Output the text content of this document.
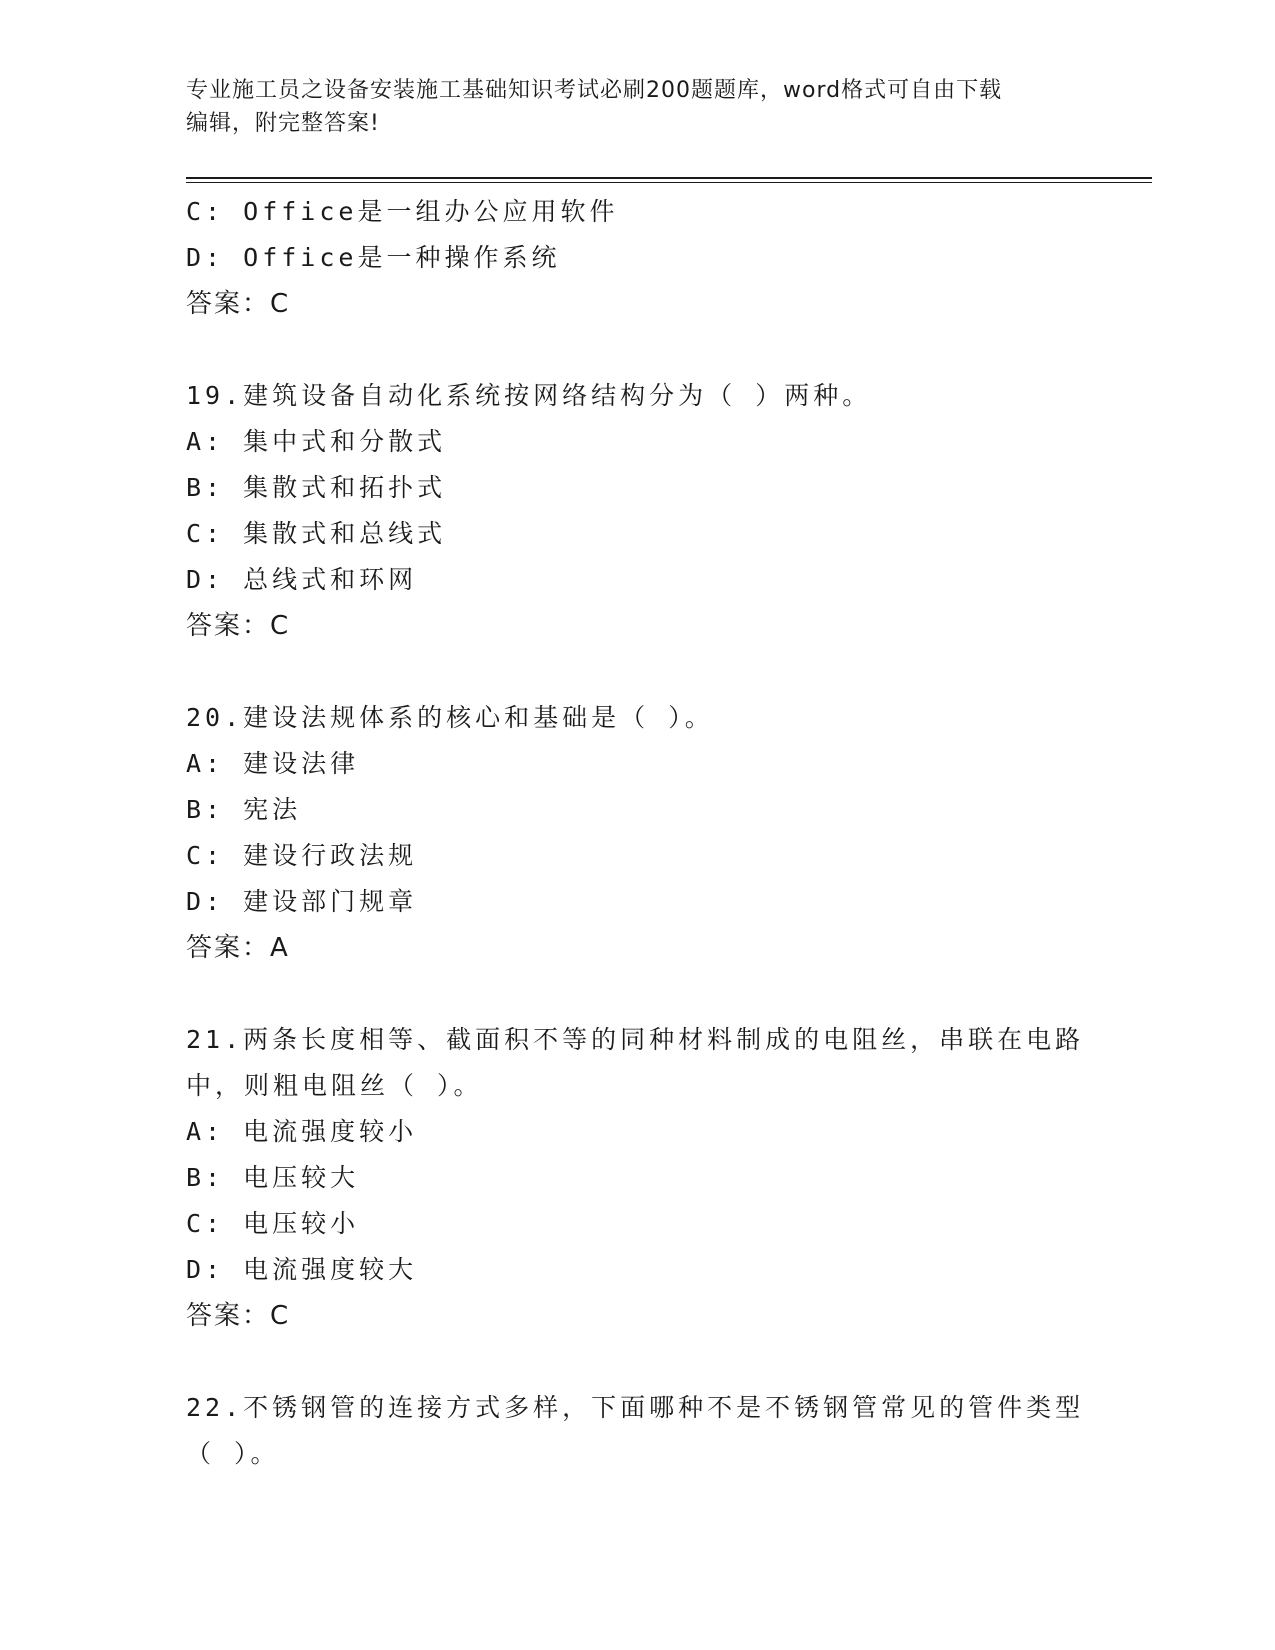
专业施工员之设备安装施工基础知识考试必刷200题题库，word格式可自由下载
编辑，附完整答案!
C: Office是一组办公应用软件
D: Office是一种操作系统
答案：C
19.建筑设备自动化系统按网络结构分为（ ）两种。
A: 集中式和分散式
B: 集散式和拓扑式
C: 集散式和总线式
D: 总线式和环网
答案：C
20.建设法规体系的核心和基础是（ ）。
A: 建设法律
B: 宪法
C: 建设行政法规
D: 建设部门规章
答案：A
21.两条长度相等、截面积不等的同种材料制成的电阻丝，串联在电路
中，则粗电阻丝（ ）。
A: 电流强度较小
B: 电压较大
C: 电压较小
D: 电流强度较大
答案：C
22.不锈钢管的连接方式多样，下面哪种不是不锈钢管常见的管件类型
（ ）。
